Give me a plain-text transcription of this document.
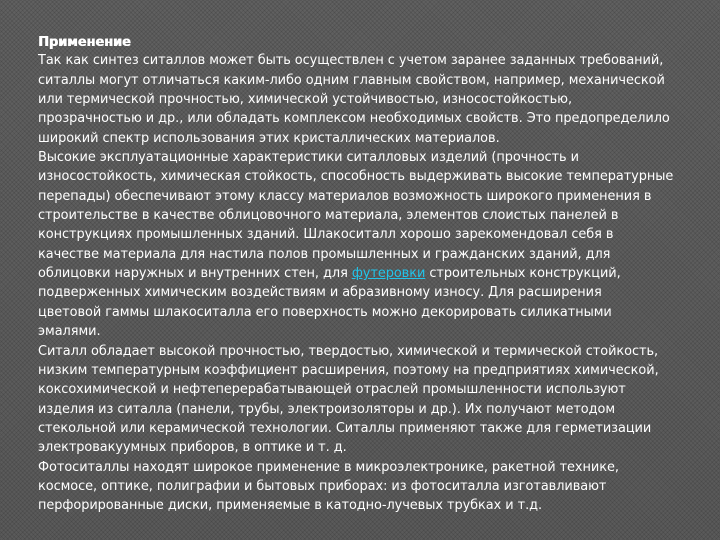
Применение
Так как синтез ситаллов может быть осуществлен с учетом заранее заданных требований,
ситаллы могут отличаться каким-либо одним главным свойством, например, механической
или термической прочностью, химической устойчивостью, износостойкостью,
прозрачностью и др., или обладать комплексом необходимых свойств. Это предопределило
широкий спектр использования этих кристаллических материалов.
Высокие эксплуатационные характеристики ситалловых изделий (прочность и
износостойкость, химическая стойкость, способность выдерживать высокие температурные
перепады) обеспечивают этому классу материалов возможность широкого применения в
строительстве в качестве облицовочного материала, элементов слоистых панелей в
конструкциях промышленных зданий. Шлакоситалл хорошо зарекомендовал себя в
качестве материала для настила полов промышленных и гражданских зданий, для
облицовки наружных и внутренних стен, для футеровки строительных конструкций,
подверженных химическим воздействиям и абразивному износу. Для расширения
цветовой гаммы шлакоситалла его поверхность можно декорировать силикатными
эмалями.
Ситалл обладает высокой прочностью, твердостью, химической и термической стойкость,
низким температурным коэффициент расширения, поэтому на предприятиях химической,
коксохимической и нефтеперерабатывающей отраслей промышленности используют
изделия из ситалла (панели, трубы, электроизоляторы и др.). Их получают методом
стекольной или керамической технологии. Ситаллы применяют также для герметизации
электровакуумных приборов, в оптике и т. д.
Фотоситаллы находят широкое применение в микроэлектронике, ракетной технике,
космосе, оптике, полиграфии и бытовых приборах: из фотоситалла изготавливают
перфорированные диски, применяемые в катодно-лучевых трубках и т.д.
